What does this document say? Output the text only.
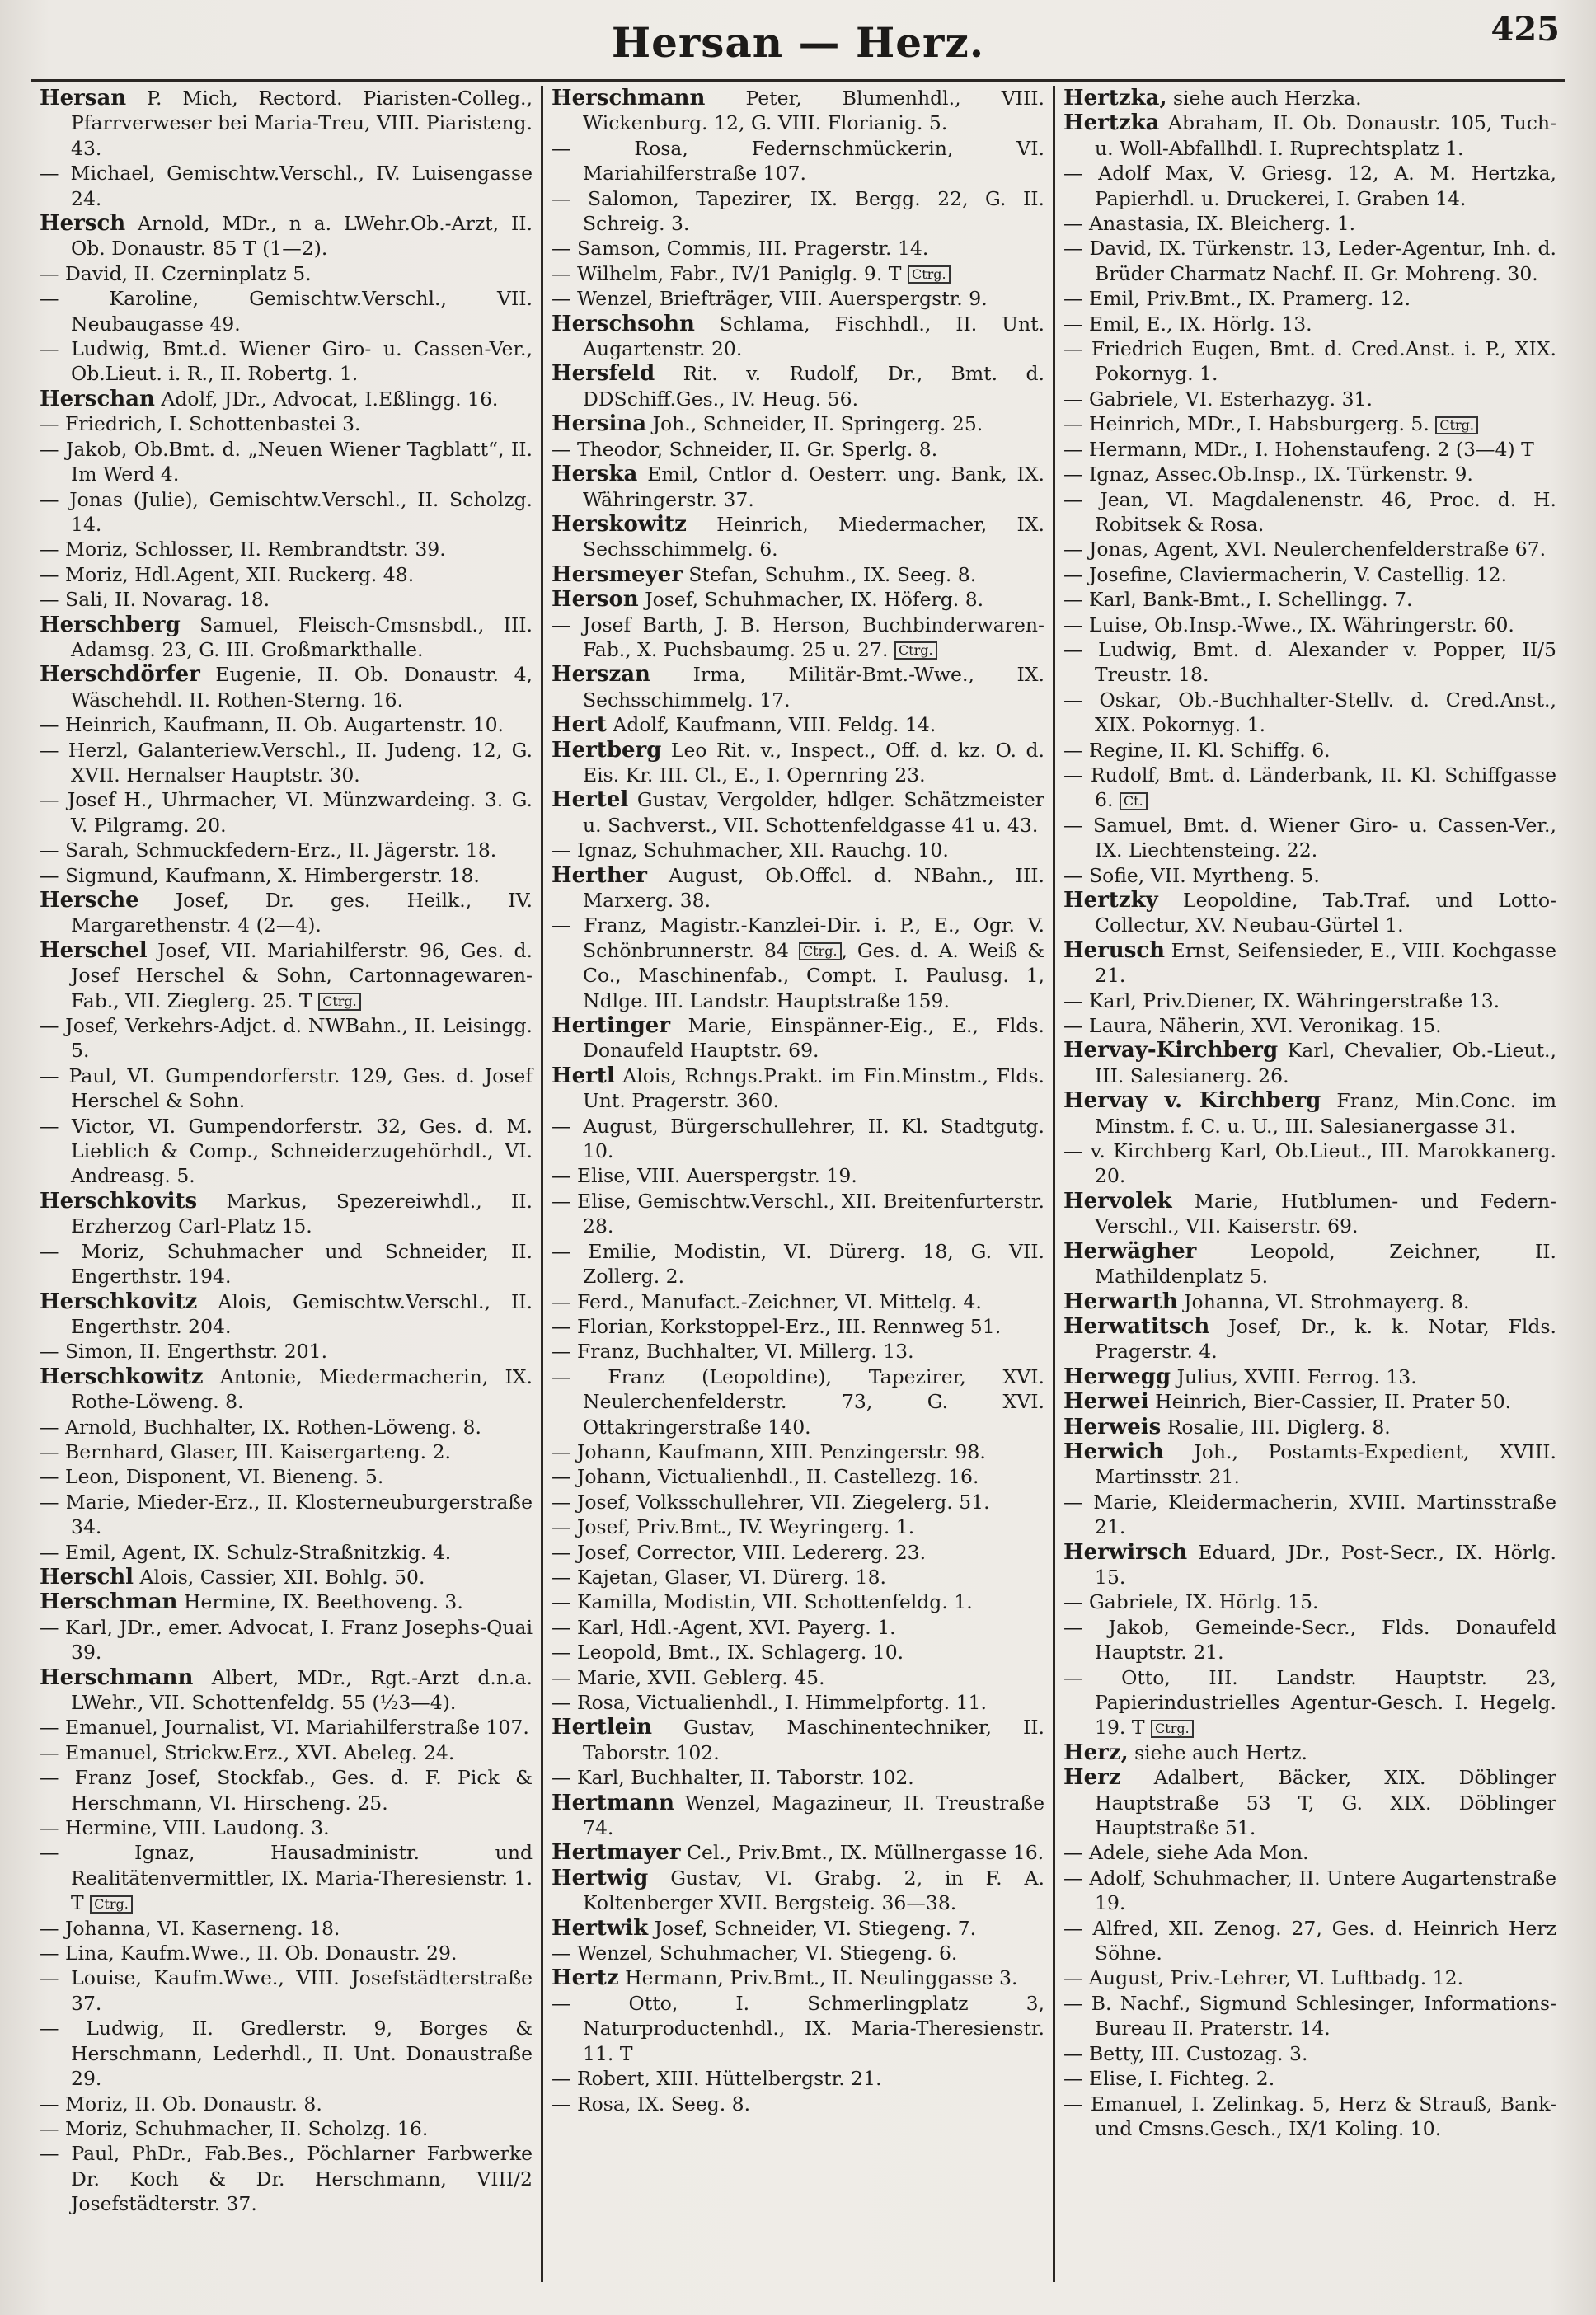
Hersan — Herz.	425
Hersan P. Mich, Rectord. Piaristen-Colleg., Pfarrverweser bei Maria-Treu, VIII. Piaristeng. 43.
— Michael, Gemischtw.Verschl., IV. Luisengasse 24.
Hersch Arnold, MDr., n a. LWehr.Ob.-Arzt, II. Ob. Donaustr. 85 T (1—2).
— David, II. Czerninplatz 5.
— Karoline, Gemischtw.Verschl., VII. Neubaugasse 49.
— Ludwig, Bmt.d. Wiener Giro- u. Cassen-Ver., Ob.Lieut. i. R., II. Robertg. 1.
Herschan Adolf, JDr., Advocat, I.Eßlingg. 16.
— Friedrich, I. Schottenbastei 3.
— Jakob, Ob.Bmt. d. „Neuen Wiener Tagblatt“, II. Im Werd 4.
— Jonas (Julie), Gemischtw.Verschl., II. Scholzg. 14.
— Moriz, Schlosser, II. Rembrandtstr. 39.
— Moriz, Hdl.Agent, XII. Ruckerg. 48.
— Sali, II. Novarag. 18.
Herschberg Samuel, Fleisch-Cmsnsbdl., III. Adamsg. 23, G. III. Großmarkthalle.
Herschdörfer Eugenie, II. Ob. Donaustr. 4, Wäschehdl. II. Rothen-Sterng. 16.
— Heinrich, Kaufmann, II. Ob. Augartenstr. 10.
— Herzl, Galanteriew.Verschl., II. Judeng. 12, G. XVII. Hernalser Hauptstr. 30.
— Josef H., Uhrmacher, VI. Münzwardeing. 3. G. V. Pilgramg. 20.
— Sarah, Schmuckfedern-Erz., II. Jägerstr. 18.
— Sigmund, Kaufmann, X. Himbergerstr. 18.
Hersche Josef, Dr. ges. Heilk., IV. Margarethenstr. 4 (2—4).
Herschel Josef, VII. Mariahilferstr. 96, Ges. d. Josef Herschel & Sohn, Cartonnagewaren-Fab., VII. Zieglerg. 25. T Ctrg.
— Josef, Verkehrs-Adjct. d. NWBahn., II. Leisingg. 5.
— Paul, VI. Gumpendorferstr. 129, Ges. d. Josef Herschel & Sohn.
— Victor, VI. Gumpendorferstr. 32, Ges. d. M. Lieblich & Comp., Schneiderzugehörhdl., VI. Andreasg. 5.
Herschkovits Markus, Spezereiwhdl., II. Erzherzog Carl-Platz 15.
— Moriz, Schuhmacher und Schneider, II. Engerthstr. 194.
Herschkovitz Alois, Gemischtw.Verschl., II. Engerthstr. 204.
— Simon, II. Engerthstr. 201.
Herschkowitz Antonie, Miedermacherin, IX. Rothe-Löweng. 8.
— Arnold, Buchhalter, IX. Rothen-Löweng. 8.
— Bernhard, Glaser, III. Kaisergarteng. 2.
— Leon, Disponent, VI. Bieneng. 5.
— Marie, Mieder-Erz., II. Klosterneuburgerstraße 34.
— Emil, Agent, IX. Schulz-Straßnitzkig. 4.
Herschl Alois, Cassier, XII. Bohlg. 50.
Herschman Hermine, IX. Beethoveng. 3.
— Karl, JDr., emer. Advocat, I. Franz Josephs-Quai 39.
Herschmann Albert, MDr., Rgt.-Arzt d.n.a. LWehr., VII. Schottenfeldg. 55 (½3—4).
— Emanuel, Journalist, VI. Mariahilferstraße 107.
— Emanuel, Strickw.Erz., XVI. Abeleg. 24.
— Franz Josef, Stockfab., Ges. d. F. Pick & Herschmann, VI. Hirscheng. 25.
— Hermine, VIII. Laudong. 3.
— Ignaz, Hausadministr. und Realitätenvermittler, IX. Maria-Theresienstr. 1. T Ctrg.
— Johanna, VI. Kaserneng. 18.
— Lina, Kaufm.Wwe., II. Ob. Donaustr. 29.
— Louise, Kaufm.Wwe., VIII. Josefstädterstraße 37.
— Ludwig, II. Gredlerstr. 9, Borges & Herschmann, Lederhdl., II. Unt. Donaustraße 29.
— Moriz, II. Ob. Donaustr. 8.
— Moriz, Schuhmacher, II. Scholzg. 16.
— Paul, PhDr., Fab.Bes., Pöchlarner Farbwerke Dr. Koch & Dr. Herschmann, VIII/2 Josefstädterstr. 37.
Herschmann Peter, Blumenhdl., VIII. Wickenburg. 12, G. VIII. Florianig. 5.
— Rosa, Federnschmückerin, VI. Mariahilferstraße 107.
— Salomon, Tapezirer, IX. Bergg. 22, G. II. Schreig. 3.
— Samson, Commis, III. Pragerstr. 14.
— Wilhelm, Fabr., IV/1 Paniglg. 9. T Ctrg.
— Wenzel, Briefträger, VIII. Auerspergstr. 9.
Herschsohn Schlama, Fischhdl., II. Unt. Augartenstr. 20.
Hersfeld Rit. v. Rudolf, Dr., Bmt. d. DDSchiff.Ges., IV. Heug. 56.
Hersina Joh., Schneider, II. Springerg. 25.
— Theodor, Schneider, II. Gr. Sperlg. 8.
Herska Emil, Cntlor d. Oesterr. ung. Bank, IX. Währingerstr. 37.
Herskowitz Heinrich, Miedermacher, IX. Sechsschimmelg. 6.
Hersmeyer Stefan, Schuhm., IX. Seeg. 8.
Herson Josef, Schuhmacher, IX. Höferg. 8.
— Josef Barth, J. B. Herson, Buchbinderwaren-Fab., X. Puchsbaumg. 25 u. 27. Ctrg.
Herszan Irma, Militär-Bmt.-Wwe., IX. Sechsschimmelg. 17.
Hert Adolf, Kaufmann, VIII. Feldg. 14.
Hertberg Leo Rit. v., Inspect., Off. d. kz. O. d. Eis. Kr. III. Cl., E., I. Opernring 23.
Hertel Gustav, Vergolder, hdlger. Schätzmeister u. Sachverst., VII. Schottenfeldgasse 41 u. 43.
— Ignaz, Schuhmacher, XII. Rauchg. 10.
Herther August, Ob.Offcl. d. NBahn., III. Marxerg. 38.
— Franz, Magistr.-Kanzlei-Dir. i. P., E., Ogr. V. Schönbrunnerstr. 84 Ctrg. , Ges. d. A. Weiß & Co., Maschinenfab., Compt. I. Paulusg. 1, Ndlge. III. Landstr. Hauptstraße 159.
Hertinger Marie, Einspänner-Eig., E., Flds. Donaufeld Hauptstr. 69.
Hertl Alois, Rchngs.Prakt. im Fin.Minstm., Flds. Unt. Pragerstr. 360.
— August, Bürgerschullehrer, II. Kl. Stadtgutg. 10.
— Elise, VIII. Auerspergstr. 19.
— Elise, Gemischtw.Verschl., XII. Breitenfurterstr. 28.
— Emilie, Modistin, VI. Dürerg. 18, G. VII. Zollerg. 2.
— Ferd., Manufact.-Zeichner, VI. Mittelg. 4.
— Florian, Korkstoppel-Erz., III. Rennweg 51.
— Franz, Buchhalter, VI. Millerg. 13.
— Franz (Leopoldine), Tapezirer, XVI. Neulerchenfelderstr. 73, G. XVI. Ottakringerstraße 140.
— Johann, Kaufmann, XIII. Penzingerstr. 98.
— Johann, Victualienhdl., II. Castellezg. 16.
— Josef, Volksschullehrer, VII. Ziegelerg. 51.
— Josef, Priv.Bmt., IV. Weyringerg. 1.
— Josef, Corrector, VIII. Ledererg. 23.
— Kajetan, Glaser, VI. Dürerg. 18.
— Kamilla, Modistin, VII. Schottenfeldg. 1.
— Karl, Hdl.-Agent, XVI. Payerg. 1.
— Leopold, Bmt., IX. Schlagerg. 10.
— Marie, XVII. Geblerg. 45.
— Rosa, Victualienhdl., I. Himmelpfortg. 11.
Hertlein Gustav, Maschinentechniker, II. Taborstr. 102.
— Karl, Buchhalter, II. Taborstr. 102.
Hertmann Wenzel, Magazineur, II. Treustraße 74.
Hertmayer Cel., Priv.Bmt., IX. Müllnergasse 16.
Hertwig Gustav, VI. Grabg. 2, in F. A. Koltenberger XVII. Bergsteig. 36—38.
Hertwik Josef, Schneider, VI. Stiegeng. 7.
— Wenzel, Schuhmacher, VI. Stiegeng. 6.
Hertz Hermann, Priv.Bmt., II. Neulinggasse 3.
— Otto, I. Schmerlingplatz 3, Naturproductenhdl., IX. Maria-Theresienstr. 11. T
— Robert, XIII. Hüttelbergstr. 21.
— Rosa, IX. Seeg. 8.
Hertzka, siehe auch Herzka.
Hertzka Abraham, II. Ob. Donaustr. 105, Tuch- u. Woll-Abfallhdl. I. Ruprechtsplatz 1.
— Adolf Max, V. Griesg. 12, A. M. Hertzka, Papierhdl. u. Druckerei, I. Graben 14.
— Anastasia, IX. Bleicherg. 1.
— David, IX. Türkenstr. 13, Leder-Agentur, Inh. d. Brüder Charmatz Nachf. II. Gr. Mohreng. 30.
— Emil, Priv.Bmt., IX. Pramerg. 12.
— Emil, E., IX. Hörlg. 13.
— Friedrich Eugen, Bmt. d. Cred.Anst. i. P., XIX. Pokornyg. 1.
— Gabriele, VI. Esterhazyg. 31.
— Heinrich, MDr., I. Habsburgerg. 5. Ctrg.
— Hermann, MDr., I. Hohenstaufeng. 2 (3—4) T
— Ignaz, Assec.Ob.Insp., IX. Türkenstr. 9.
— Jean, VI. Magdalenenstr. 46, Proc. d. H. Robitsek & Rosa.
— Jonas, Agent, XVI. Neulerchenfelderstraße 67.
— Josefine, Claviermacherin, V. Castellig. 12.
— Karl, Bank-Bmt., I. Schellingg. 7.
— Luise, Ob.Insp.-Wwe., IX. Währingerstr. 60.
— Ludwig, Bmt. d. Alexander v. Popper, II/5 Treustr. 18.
— Oskar, Ob.-Buchhalter-Stellv. d. Cred.Anst., XIX. Pokornyg. 1.
— Regine, II. Kl. Schiffg. 6.
— Rudolf, Bmt. d. Länderbank, II. Kl. Schiffgasse 6. Ct.
— Samuel, Bmt. d. Wiener Giro- u. Cassen-Ver., IX. Liechtensteing. 22.
— Sofie, VII. Myrtheng. 5.
Hertzky Leopoldine, Tab.Traf. und Lotto-Collectur, XV. Neubau-Gürtel 1.
Herusch Ernst, Seifensieder, E., VIII. Kochgasse 21.
— Karl, Priv.Diener, IX. Währingerstraße 13.
— Laura, Näherin, XVI. Veronikag. 15.
Hervay-Kirchberg Karl, Chevalier, Ob.-Lieut., III. Salesianerg. 26.
Hervay v. Kirchberg Franz, Min.Conc. im Minstm. f. C. u. U., III. Salesianergasse 31.
— v. Kirchberg Karl, Ob.Lieut., III. Marokkanerg. 20.
Hervolek Marie, Hutblumen- und Federn-Verschl., VII. Kaiserstr. 69.
Herwägher	Leopold, Zeichner, II. Mathildenplatz 5.
Herwarth Johanna, VI. Strohmayerg. 8.
Herwatitsch Josef, Dr., k. k. Notar, Flds. Pragerstr. 4.
Herwegg Julius, XVIII. Ferrog. 13.
Herwei Heinrich, Bier-Cassier, II. Prater 50.
Herweis Rosalie, III. Diglerg. 8.
Herwich Joh., Postamts-Expedient, XVIII. Martinsstr. 21.
— Marie, Kleidermacherin, XVIII. Martinsstraße 21.
Herwirsch Eduard, JDr., Post-Secr., IX. Hörlg. 15.
— Gabriele, IX. Hörlg. 15.
— Jakob, Gemeinde-Secr., Flds. Donaufeld Hauptstr. 21.
— Otto, III. Landstr. Hauptstr. 23, Papierindustrielles Agentur-Gesch. I. Hegelg. 19. T Ctrg.
Herz, siehe auch Hertz.
Herz Adalbert, Bäcker, XIX. Döblinger Hauptstraße 53 T, G. XIX. Döblinger Hauptstraße 51.
— Adele, siehe Ada Mon.
— Adolf, Schuhmacher, II. Untere Augartenstraße 19.
— Alfred, XII. Zenog. 27, Ges. d. Heinrich Herz Söhne.
— August, Priv.-Lehrer, VI. Luftbadg. 12.
— B. Nachf., Sigmund Schlesinger, Informations-Bureau II. Praterstr. 14.
— Betty, III. Custozag. 3.
— Elise, I. Fichteg. 2.
— Emanuel, I. Zelinkag. 5, Herz & Strauß, Bank- und Cmsns.Gesch., IX/1 Koling. 10.
